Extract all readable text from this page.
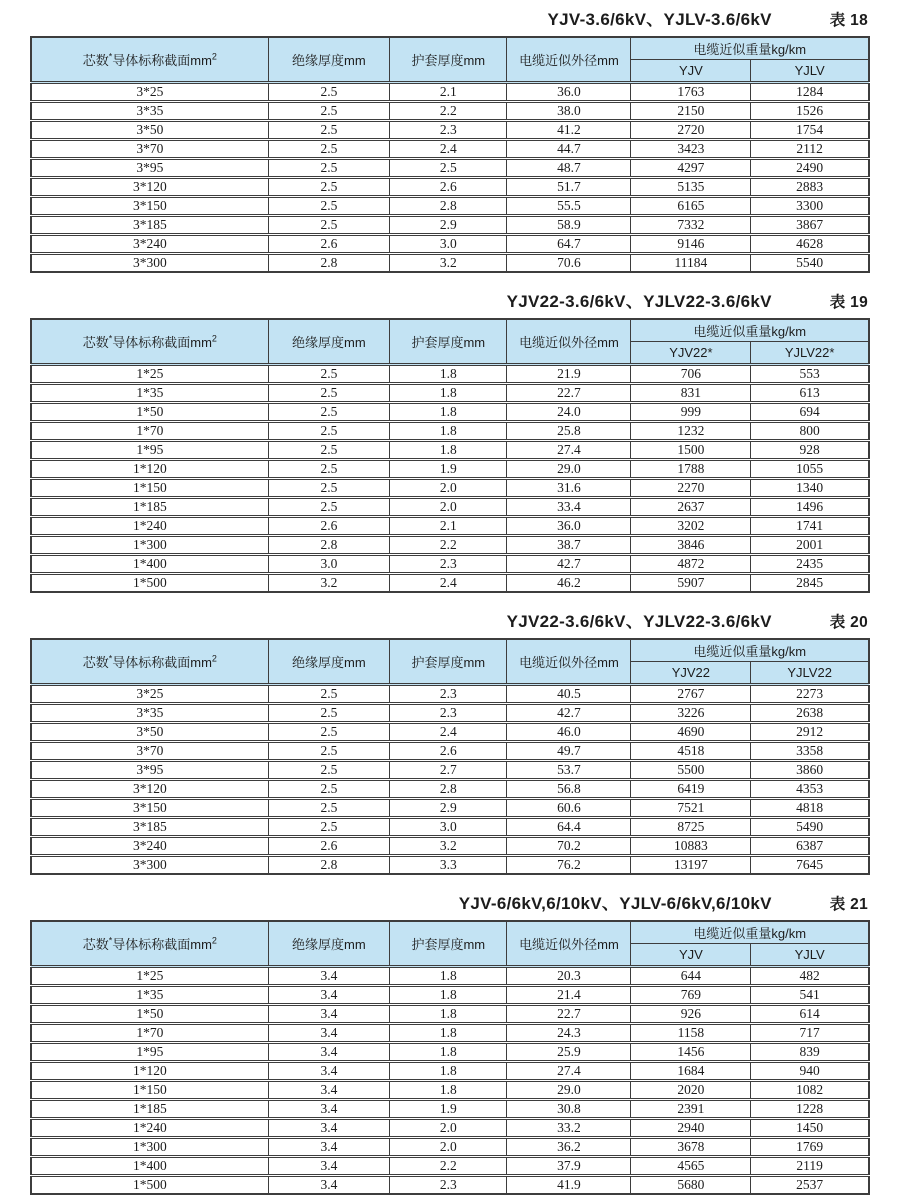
YJV-3.6/6kV、YJLV-3.6/6kV	表 18
芯数*导体标称截面$mm^2$	绝缘厚度mm	护套厚度mm	电缆近似外径mm	电缆近似重量kg/km	
				YJV	YJLV
3*25	2.5	2.1	36.0	1763	1284
3*35	2.5	2.2	38.0	2150	1526
3*50	2.5	2.3	41.2	2720	1754
3*70	2.5	2.4	44.7	3423	2112
3*95	2.5	2.5	48.7	4297	2490
3*120	2.5	2.6	51.7	5135	2883
3*150	2.5	2.8	55.5	6165	3300
3*185	2.5	2.9	58.9	7332	3867
3*240	2.6	3.0	64.7	9146	4628
3*300	2.8	3.2	70.6	11184	5540
YJV22-3.6/6kV、YJLV22-3.6/6kV	表 19
芯数*导体标称截面$mm^2$	绝缘厚度mm	护套厚度mm	电缆近似外径mm	电缆近似重量kg/km	
				YJV22*	YJLV22*
1*25	2.5	1.8	21.9	706	553
1*35	2.5	1.8	22.7	831	613
1*50	2.5	1.8	24.0	999	694
1*70	2.5	1.8	25.8	1232	800
1*95	2.5	1.8	27.4	1500	928
1*120	2.5	1.9	29.0	1788	1055
1*150	2.5	2.0	31.6	2270	1340
1*185	2.5	2.0	33.4	2637	1496
1*240	2.6	2.1	36.0	3202	1741
1*300	2.8	2.2	38.7	3846	2001
1*400	3.0	2.3	42.7	4872	2435
1*500	3.2	2.4	46.2	5907	2845
YJV22-3.6/6kV、YJLV22-3.6/6kV	表 20
芯数*导体标称截面$mm^2$	绝缘厚度mm	护套厚度mm	电缆近似外径mm	电缆近似重量kg/km	
				YJV22	YJLV22
3*25	2.5	2.3	40.5	2767	2273
3*35	2.5	2.3	42.7	3226	2638
3*50	2.5	2.4	46.0	4690	2912
3*70	2.5	2.6	49.7	4518	3358
3*95	2.5	2.7	53.7	5500	3860
3*120	2.5	2.8	56.8	6419	4353
3*150	2.5	2.9	60.6	7521	4818
3*185	2.5	3.0	64.4	8725	5490
3*240	2.6	3.2	70.2	10883	6387
3*300	2.8	3.3	76.2	13197	7645
YJV-6/6kV,6/10kV、YJLV-6/6kV,6/10kV	表 21
芯数*导体标称截面$mm^2$	绝缘厚度mm	护套厚度mm	电缆近似外径mm	电缆近似重量kg/km	
				YJV	YJLV
1*25	3.4	1.8	20.3	644	482
1*35	3.4	1.8	21.4	769	541
1*50	3.4	1.8	22.7	926	614
1*70	3.4	1.8	24.3	1158	717
1*95	3.4	1.8	25.9	1456	839
1*120	3.4	1.8	27.4	1684	940
1*150	3.4	1.8	29.0	2020	1082
1*185	3.4	1.9	30.8	2391	1228
1*240	3.4	2.0	33.2	2940	1450
1*300	3.4	2.0	36.2	3678	1769
1*400	3.4	2.2	37.9	4565	2119
1*500	3.4	2.3	41.9	5680	2537
